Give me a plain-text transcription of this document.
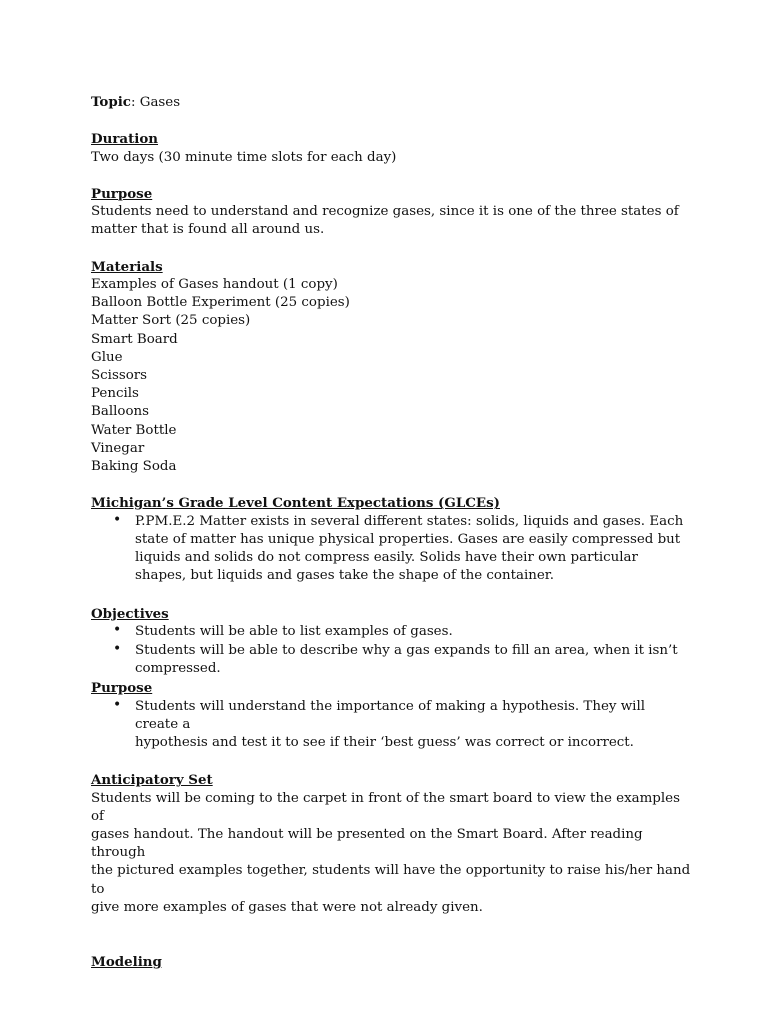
Topic: Gases

Duration

Two days (30 minute time slots for each day)

Purpose

Students need to understand and recognize gases, since it is one of the three states of

matter that is found all around us.

Materials

Examples of Gases handout (1 copy)
Balloon Bottle Experiment (25 copies)
Matter Sort (25 copies)
Smart Board
Glue
Scissors
Pencils
Balloons
Water Bottle
Vinegar
Baking Soda

Michigan’s Grade Level Content Expectations (GLCEs)

• P.PM.E.2 Matter exists in several different states: solids, liquids and gases. Each
state of matter has unique physical properties. Gases are easily compressed but
liquids and solids do not compress easily. Solids have their own particular
shapes, but liquids and gases take the shape of the container.

Objectives

• Students will be able to list examples of gases.
• Students will be able to describe why a gas expands to fill an area, when it isn’t
compressed.

Purpose

• Students will understand the importance of making a hypothesis. They will create a
hypothesis and test it to see if their ‘best guess’ was correct or incorrect.

Anticipatory Set

Students will be coming to the carpet in front of the smart board to view the examples of

gases handout. The handout will be presented on the Smart Board. After reading through

the pictured examples together, students will have the opportunity to raise his/her hand to

give more examples of gases that were not already given.

Modeling
